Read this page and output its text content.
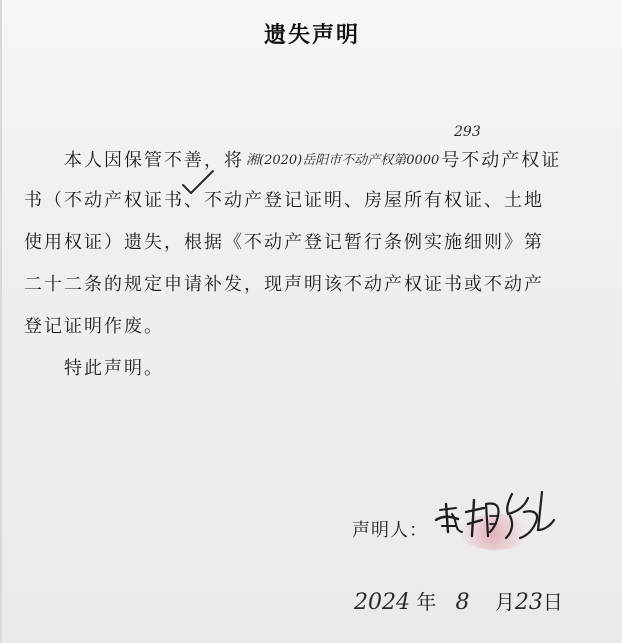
遗失声明
本人因保管不善，将 湘(2020)岳阳市不动产权第0000 号不动产权证
293
书（不动产权证书、不动产登记证明、房屋所有权证、土地
使用权证）遗失，根据《不动产登记暂行条例实施细则》第
二十二条的规定申请补发，现声明该不动产权证书或不动产
登记证明作废。
特此声明。
声明人：
2024 年 8 月23日
